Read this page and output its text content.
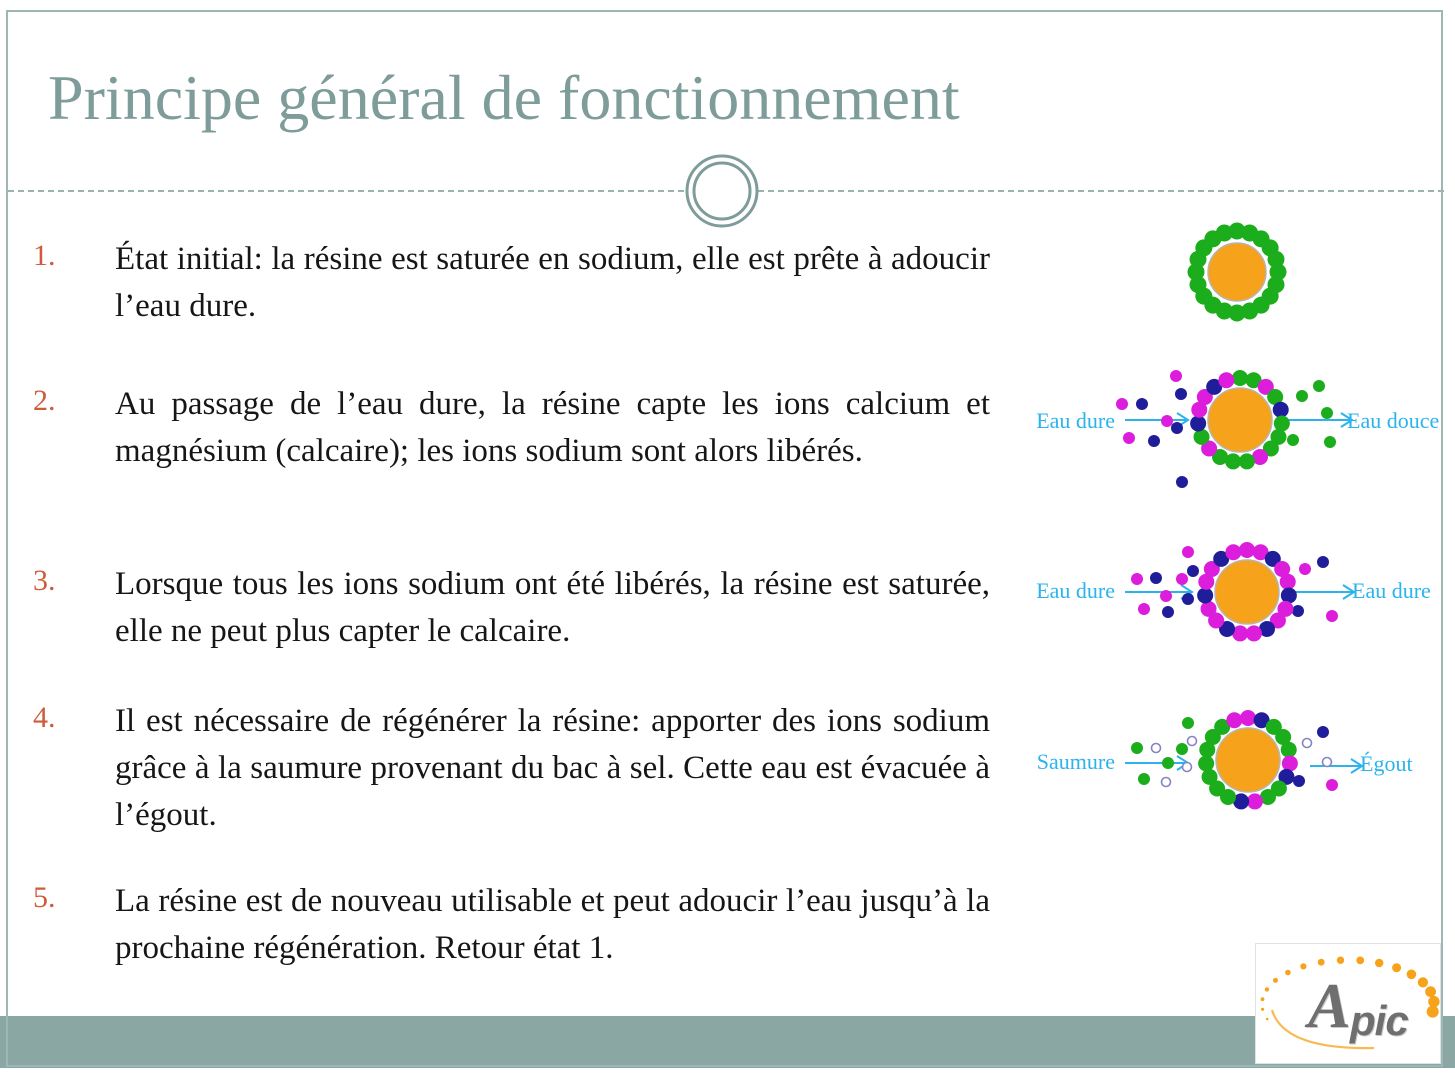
Principe général de fonctionnement
1. État initial: la résine est saturée en sodium, elle est prête à adoucir l’eau dure.
2. Au passage de l’eau dure, la résine capte les ions calcium et magnésium (calcaire); les ions sodium sont alors libérés.
3. Lorsque tous les ions sodium ont été libérés, la résine est saturée, elle ne peut plus capter le calcaire.
4. Il est nécessaire de régénérer la résine: apporter des ions sodium grâce à la saumure provenant du bac à sel. Cette eau est évacuée à l’égout.
5. La résine est de nouveau utilisable et peut adoucir l’eau jusqu’à la prochaine régénération. Retour état 1.
Eau dure	Eau douce
Eau dure	Eau dure
Saumure	Égout
A pic
